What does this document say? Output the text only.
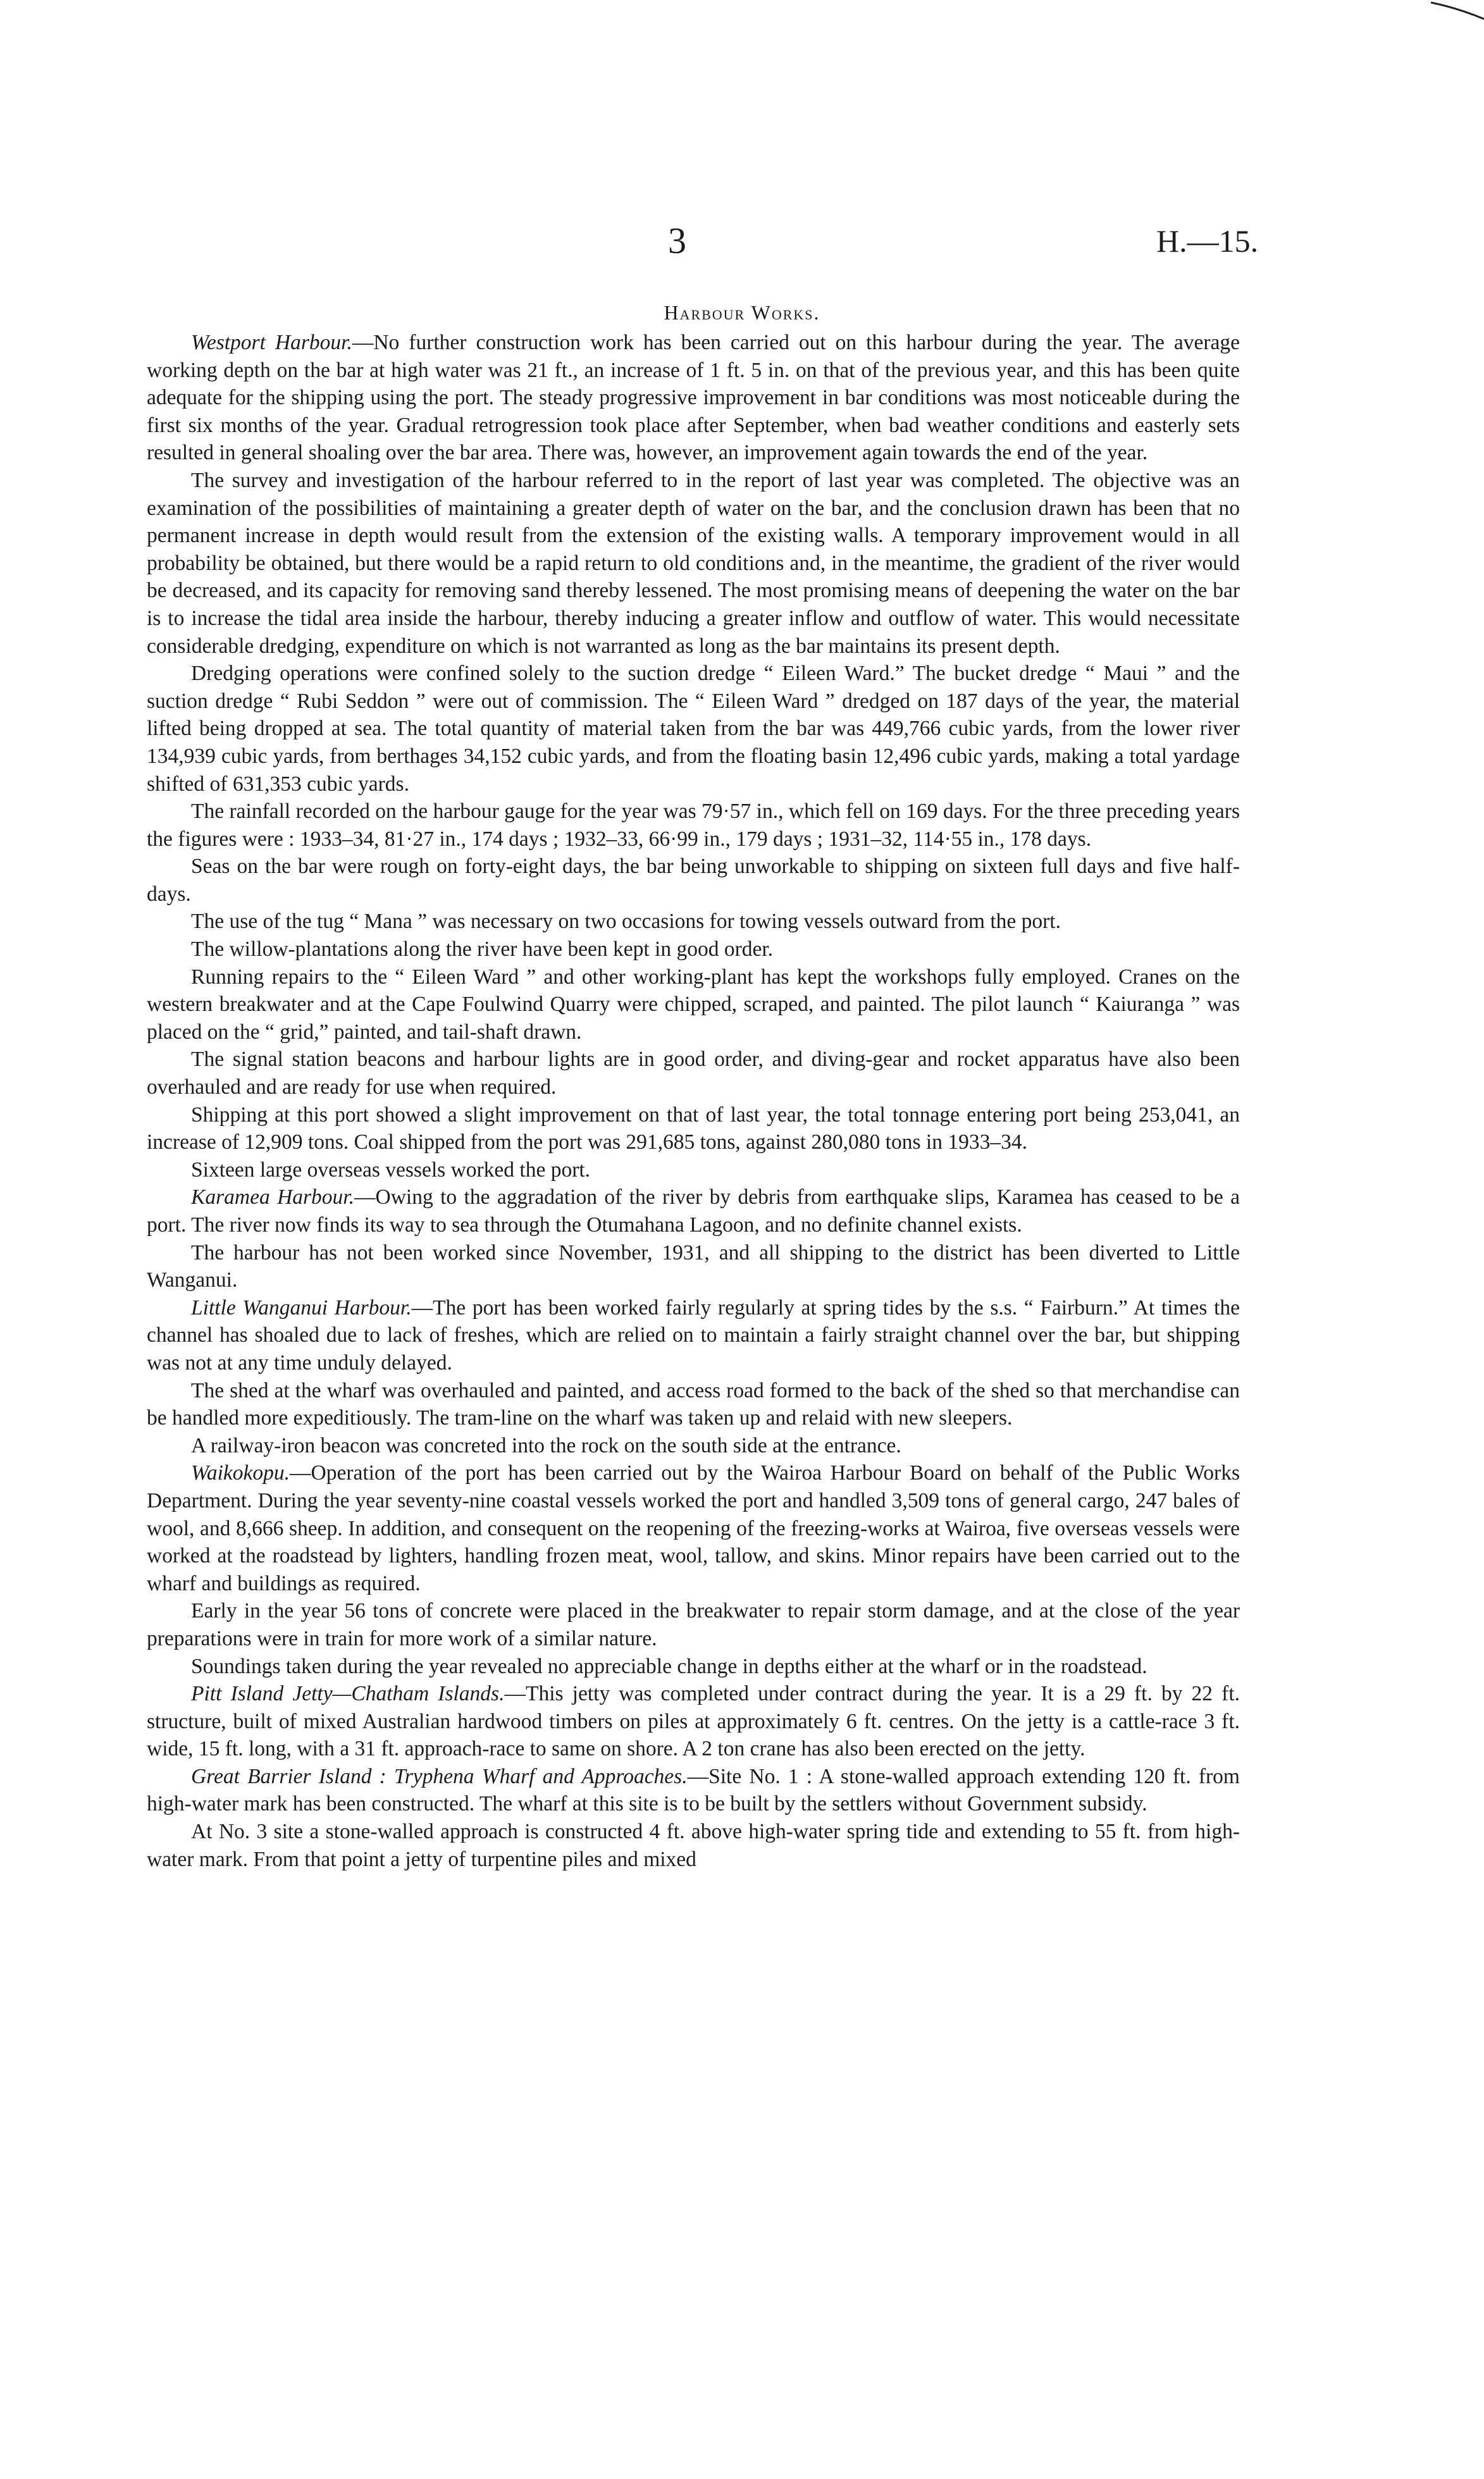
3	H.—15.
Harbour Works.

Westport Harbour.—No further construction work has been carried out on this harbour during the year. The average working depth on the bar at high water was 21 ft., an increase of 1 ft. 5 in. on that of the previous year, and this has been quite adequate for the shipping using the port. The steady progressive improvement in bar conditions was most noticeable during the first six months of the year. Gradual retrogression took place after September, when bad weather conditions and easterly sets resulted in general shoaling over the bar area. There was, however, an improvement again towards the end of the year.

The survey and investigation of the harbour referred to in the report of last year was completed. The objective was an examination of the possibilities of maintaining a greater depth of water on the bar, and the conclusion drawn has been that no permanent increase in depth would result from the extension of the existing walls. A temporary improvement would in all probability be obtained, but there would be a rapid return to old conditions and, in the meantime, the gradient of the river would be decreased, and its capacity for removing sand thereby lessened. The most promising means of deepening the water on the bar is to increase the tidal area inside the harbour, thereby inducing a greater inflow and outflow of water. This would necessitate considerable dredging, expenditure on which is not warranted as long as the bar maintains its present depth.

Dredging operations were confined solely to the suction dredge “ Eileen Ward.” The bucket dredge “ Maui ” and the suction dredge “ Rubi Seddon ” were out of commission. The “ Eileen Ward ” dredged on 187 days of the year, the material lifted being dropped at sea. The total quantity of material taken from the bar was 449,766 cubic yards, from the lower river 134,939 cubic yards, from berthages 34,152 cubic yards, and from the floating basin 12,496 cubic yards, making a total yardage shifted of 631,353 cubic yards.

The rainfall recorded on the harbour gauge for the year was 79·57 in., which fell on 169 days. For the three preceding years the figures were : 1933–34, 81·27 in., 174 days ; 1932–33, 66·99 in., 179 days ; 1931–32, 114·55 in., 178 days.

Seas on the bar were rough on forty-eight days, the bar being unworkable to shipping on sixteen full days and five half-days.

The use of the tug “ Mana ” was necessary on two occasions for towing vessels outward from the port.

The willow-plantations along the river have been kept in good order.

Running repairs to the “ Eileen Ward ” and other working-plant has kept the workshops fully employed. Cranes on the western breakwater and at the Cape Foulwind Quarry were chipped, scraped, and painted. The pilot launch “ Kaiuranga ” was placed on the “ grid,” painted, and tail-shaft drawn.

The signal station beacons and harbour lights are in good order, and diving-gear and rocket apparatus have also been overhauled and are ready for use when required.

Shipping at this port showed a slight improvement on that of last year, the total tonnage entering port being 253,041, an increase of 12,909 tons. Coal shipped from the port was 291,685 tons, against 280,080 tons in 1933–34.

Sixteen large overseas vessels worked the port.

Karamea Harbour.—Owing to the aggradation of the river by debris from earthquake slips, Karamea has ceased to be a port. The river now finds its way to sea through the Otumahana Lagoon, and no definite channel exists.

The harbour has not been worked since November, 1931, and all shipping to the district has been diverted to Little Wanganui.

Little Wanganui Harbour.—The port has been worked fairly regularly at spring tides by the s.s. “ Fairburn.” At times the channel has shoaled due to lack of freshes, which are relied on to maintain a fairly straight channel over the bar, but shipping was not at any time unduly delayed.

The shed at the wharf was overhauled and painted, and access road formed to the back of the shed so that merchandise can be handled more expeditiously. The tram-line on the wharf was taken up and relaid with new sleepers.

A railway-iron beacon was concreted into the rock on the south side at the entrance.

Waikokopu.—Operation of the port has been carried out by the Wairoa Harbour Board on behalf of the Public Works Department. During the year seventy-nine coastal vessels worked the port and handled 3,509 tons of general cargo, 247 bales of wool, and 8,666 sheep. In addition, and consequent on the reopening of the freezing-works at Wairoa, five overseas vessels were worked at the roadstead by lighters, handling frozen meat, wool, tallow, and skins. Minor repairs have been carried out to the wharf and buildings as required.

Early in the year 56 tons of concrete were placed in the breakwater to repair storm damage, and at the close of the year preparations were in train for more work of a similar nature.

Soundings taken during the year revealed no appreciable change in depths either at the wharf or in the roadstead.

Pitt Island Jetty—Chatham Islands.—This jetty was completed under contract during the year. It is a 29 ft. by 22 ft. structure, built of mixed Australian hardwood timbers on piles at approximately 6 ft. centres. On the jetty is a cattle-race 3 ft. wide, 15 ft. long, with a 31 ft. approach-race to same on shore. A 2 ton crane has also been erected on the jetty.

Great Barrier Island : Tryphena Wharf and Approaches.—Site No. 1 : A stone-walled approach extending 120 ft. from high-water mark has been constructed. The wharf at this site is to be built by the settlers without Government subsidy.

At No. 3 site a stone-walled approach is constructed 4 ft. above high-water spring tide and extending to 55 ft. from high-water mark. From that point a jetty of turpentine piles and mixed
